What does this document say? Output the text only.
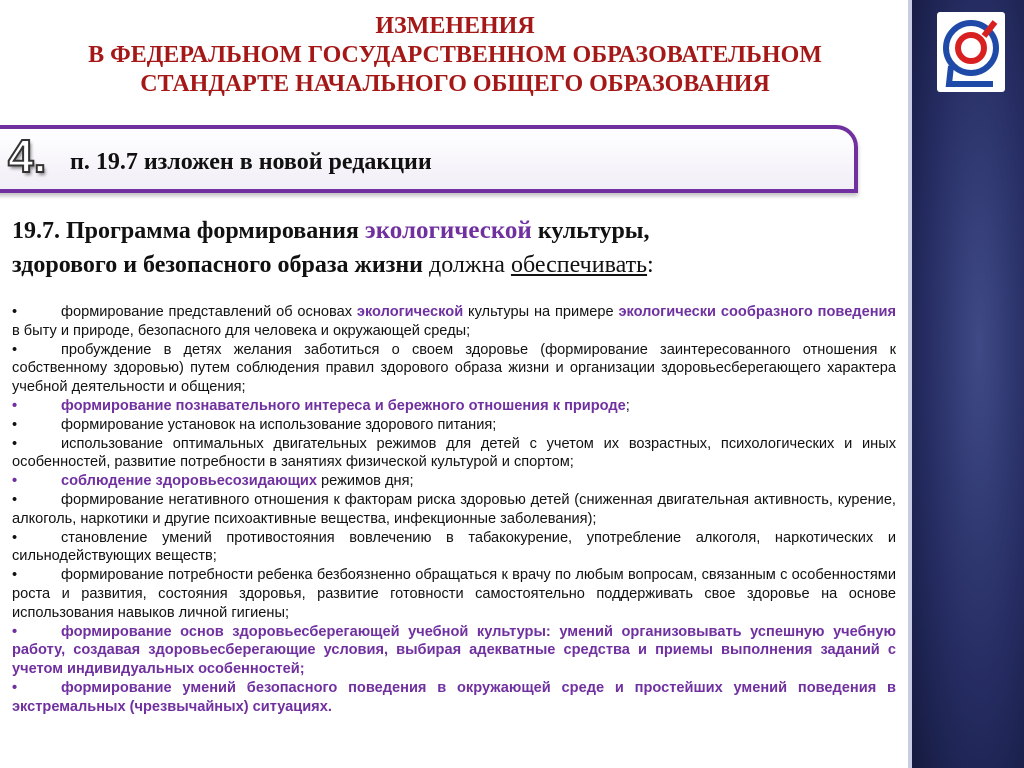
ИЗМЕНЕНИЯ
В ФЕДЕРАЛЬНОМ ГОСУДАРСТВЕННОМ ОБРАЗОВАТЕЛЬНОМ
СТАНДАРТЕ НАЧАЛЬНОГО ОБЩЕГО ОБРАЗОВАНИЯ
4. п. 19.7 изложен в новой редакции
19.7. Программа формирования экологической культуры,
здорового и безопасного образа жизни должна обеспечивать:
•	формирование представлений об основах экологической культуры на примере экологически сообразного поведения в быту и природе, безопасного для человека и окружающей среды;
•	пробуждение в детях желания заботиться о своем здоровье (формирование заинтересованного отношения к собственному здоровью) путем соблюдения правил здорового образа жизни и организации здоровьесберегающего характера учебной деятельности и общения;
•	формирование познавательного интереса и бережного отношения к природе;
•	формирование установок на использование здорового питания;
•	использование оптимальных двигательных режимов для детей с учетом их возрастных, психологических и иных особенностей, развитие потребности в занятиях физической культурой и спортом;
•	соблюдение здоровьесозидающих режимов дня;
•	формирование негативного отношения к факторам риска здоровью детей (сниженная двигательная активность, курение, алкоголь, наркотики и другие психоактивные вещества, инфекционные заболевания);
•	становление умений противостояния вовлечению в табакокурение, употребление алкоголя, наркотических и сильнодействующих веществ;
•	формирование потребности ребенка безбоязненно обращаться к врачу по любым вопросам, связанным с особенностями роста и развития, состояния здоровья, развитие готовности самостоятельно поддерживать свое здоровье на основе использования навыков личной гигиены;
•	формирование основ здоровьесберегающей учебной культуры: умений организовывать успешную учебную работу, создавая здоровьесберегающие условия, выбирая адекватные средства и приемы выполнения заданий с учетом индивидуальных особенностей;
•	формирование умений безопасного поведения в окружающей среде и простейших умений поведения в экстремальных (чрезвычайных) ситуациях.
